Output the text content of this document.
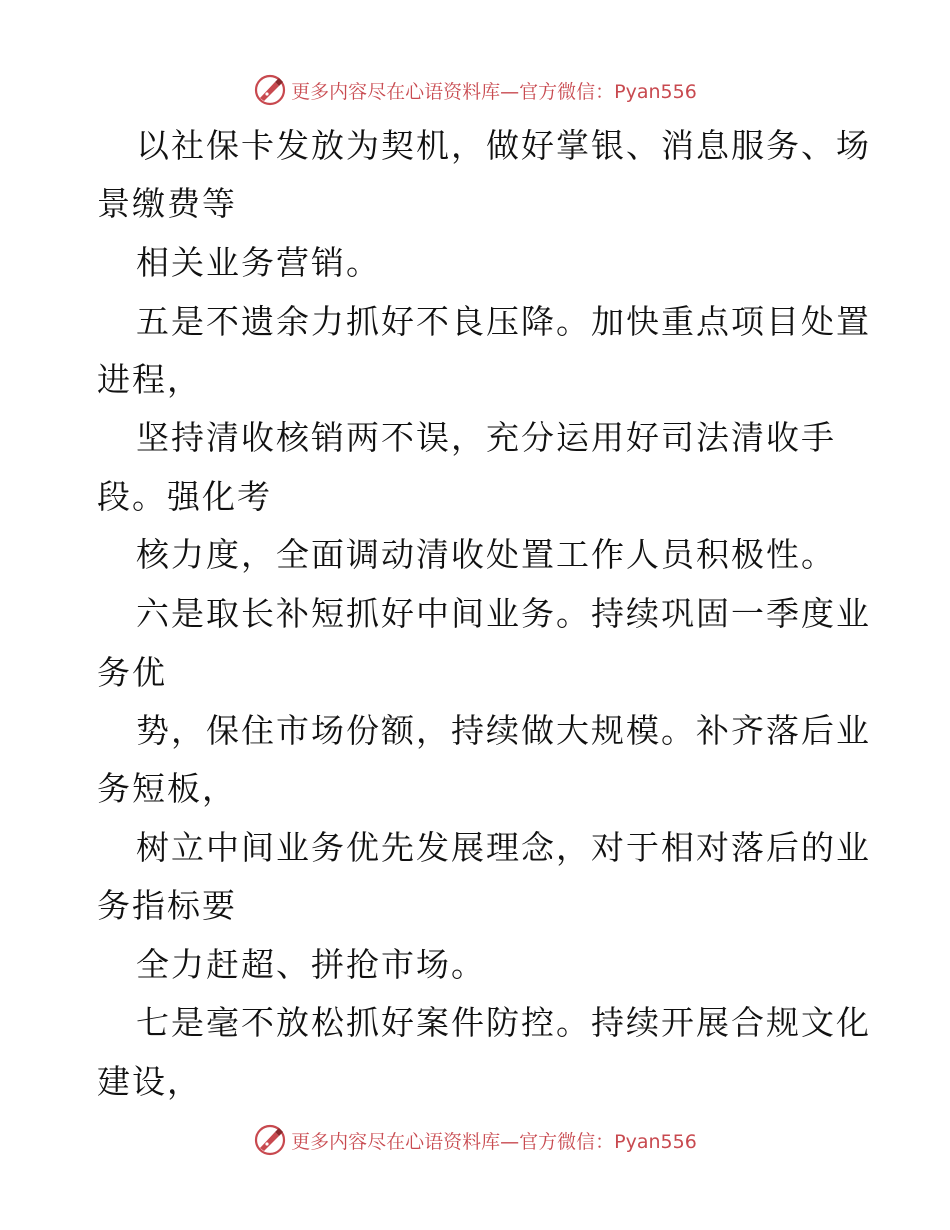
更多内容尽在心语资料库—官方微信：Pyan556

以社保卡发放为契机，做好掌银、消息服务、场

景缴费等

相关业务营销。

五是不遗余力抓好不良压降。加快重点项目处置

进程，

坚持清收核销两不误，充分运用好司法清收手

段。强化考

核力度，全面调动清收处置工作人员积极性。

六是取长补短抓好中间业务。持续巩固一季度业

务优

势，保住市场份额，持续做大规模。补齐落后业

务短板，

树立中间业务优先发展理念，对于相对落后的业

务指标要

全力赶超、拼抢市场。

七是毫不放松抓好案件防控。持续开展合规文化

建设，

更多内容尽在心语资料库—官方微信：Pyan556
